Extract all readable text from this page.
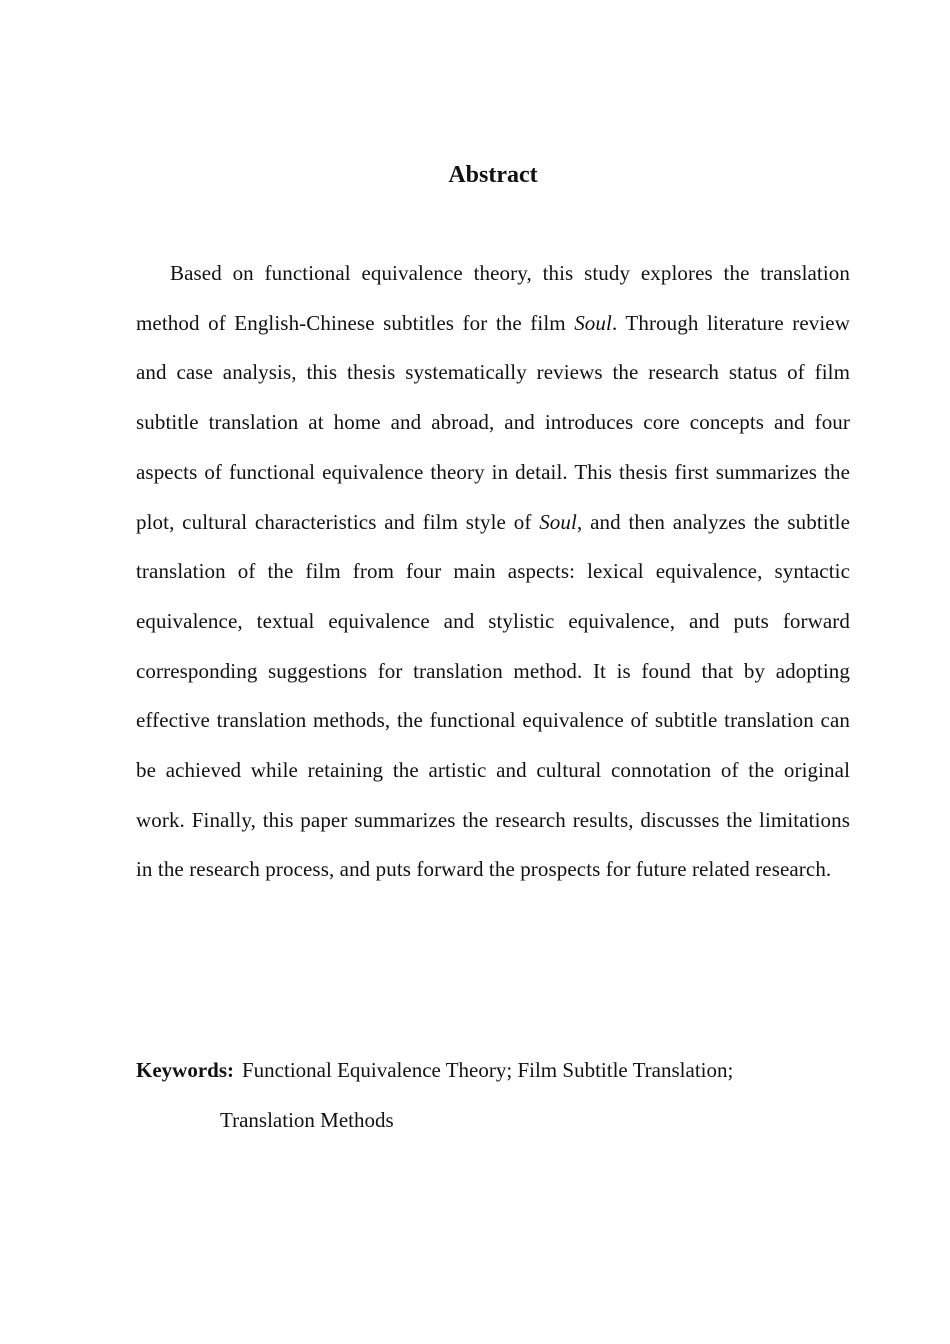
Abstract

Based on functional equivalence theory, this study explores the translation method of English-Chinese subtitles for the film Soul. Through literature review and case analysis, this thesis systematically reviews the research status of film subtitle translation at home and abroad, and introduces core concepts and four aspects of functional equivalence theory in detail. This thesis first summarizes the plot, cultural characteristics and film style of Soul, and then analyzes the subtitle translation of the film from four main aspects: lexical equivalence, syntactic equivalence, textual equivalence and stylistic equivalence, and puts forward corresponding suggestions for translation method. It is found that by adopting effective translation methods, the functional equivalence of subtitle translation can be achieved while retaining the artistic and cultural connotation of the original work. Finally, this paper summarizes the research results, discusses the limitations in the research process, and puts forward the prospects for future related research.

Keywords: Functional Equivalence Theory; Film Subtitle Translation;
Translation Methods
